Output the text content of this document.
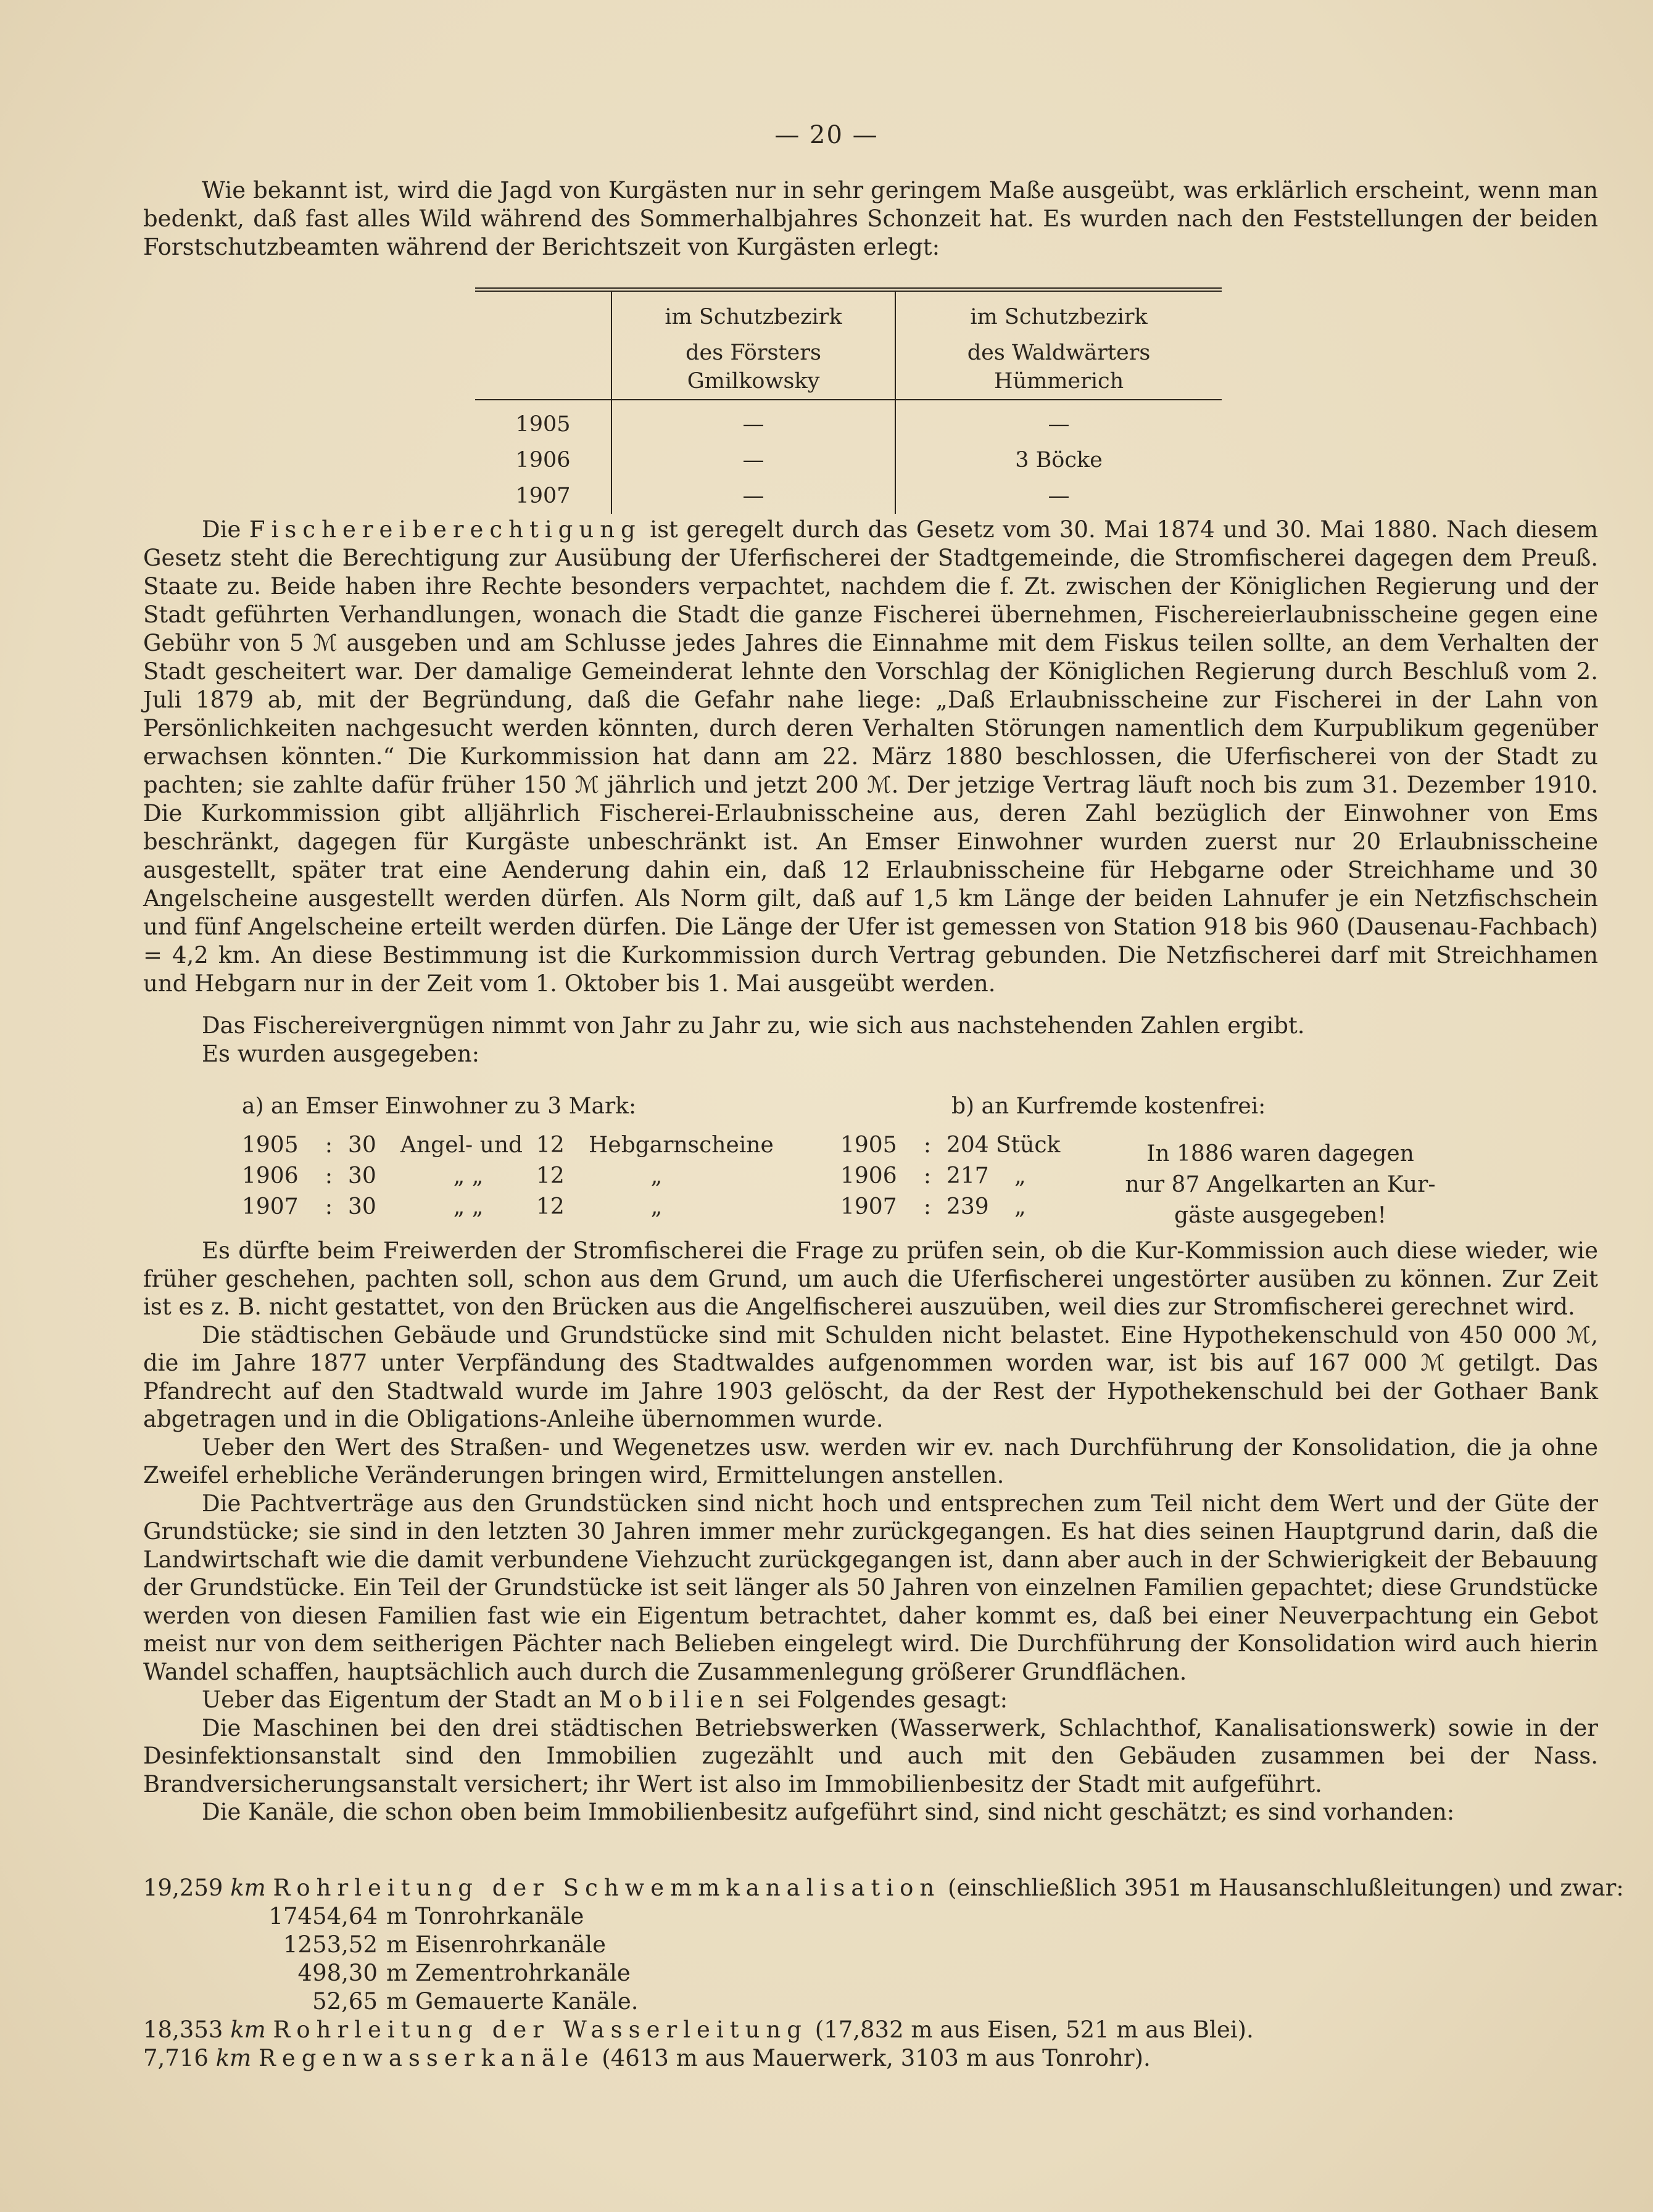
— 20 —

Wie bekannt ist, wird die Jagd von Kurgästen nur in sehr geringem Maße ausgeübt, was erklärlich erscheint, wenn man bedenkt, daß fast alles Wild während des Sommerhalbjahres Schonzeit hat. Es wurden nach den Feststellungen der beiden Forstschutzbeamten während der Berichtszeit von Kurgästen erlegt:

	im Schutzbezirk	im Schutzbezirk
	des Försters Gmilkowsky	des Waldwärters Hümmerich
1905	—	—
1906	—	3 Böcke
1907	—	—

Die Fischereiberechtigung ist geregelt durch das Gesetz vom 30. Mai 1874 und 30. Mai 1880. Nach diesem Gesetz steht die Berechtigung zur Ausübung der Uferfischerei der Stadtgemeinde, die Stromfischerei dagegen dem Preuß. Staate zu. Beide haben ihre Rechte besonders verpachtet, nachdem die f. Zt. zwischen der Königlichen Regierung und der Stadt geführten Verhandlungen, wonach die Stadt die ganze Fischerei übernehmen, Fischereierlaubnisscheine gegen eine Gebühr von 5 ℳ ausgeben und am Schlusse jedes Jahres die Einnahme mit dem Fiskus teilen sollte, an dem Verhalten der Stadt gescheitert war. Der damalige Gemeinderat lehnte den Vorschlag der Königlichen Regierung durch Beschluß vom 2. Juli 1879 ab, mit der Begründung, daß die Gefahr nahe liege: „Daß Erlaubnisscheine zur Fischerei in der Lahn von Persönlichkeiten nachgesucht werden könnten, durch deren Verhalten Störungen namentlich dem Kurpublikum gegenüber erwachsen könnten.“ Die Kurkommission hat dann am 22. März 1880 beschlossen, die Uferfischerei von der Stadt zu pachten; sie zahlte dafür früher 150 ℳ jährlich und jetzt 200 ℳ. Der jetzige Vertrag läuft noch bis zum 31. Dezember 1910. Die Kurkommission gibt alljährlich Fischerei-Erlaubnisscheine aus, deren Zahl bezüglich der Einwohner von Ems beschränkt, dagegen für Kurgäste unbeschränkt ist. An Emser Einwohner wurden zuerst nur 20 Erlaubnisscheine ausgestellt, später trat eine Aenderung dahin ein, daß 12 Erlaubnisscheine für Hebgarne oder Streichhame und 30 Angelscheine ausgestellt werden dürfen. Als Norm gilt, daß auf 1,5 km Länge der beiden Lahnufer je ein Netzfischschein und fünf Angelscheine erteilt werden dürfen. Die Länge der Ufer ist gemessen von Station 918 bis 960 (Dausenau-Fachbach) = 4,2 km. An diese Bestimmung ist die Kurkommission durch Vertrag gebunden. Die Netzfischerei darf mit Streichhamen und Hebgarn nur in der Zeit vom 1. Oktober bis 1. Mai ausgeübt werden.

Das Fischereivergnügen nimmt von Jahr zu Jahr zu, wie sich aus nachstehenden Zahlen ergibt.

Es wurden ausgegeben:

a) an Emser Einwohner zu 3 Mark:
1905	: 30	Angel- und 12	Hebgarnscheine
1906	: 30	„ „	12	„
1907	: 30	„ „	12	„
b) an Kurfremde kostenfrei:
1905	: 204 Stück
1906	: 217	„
1907	: 239	„
In 1886 waren dagegen
nur 87 Angelkarten an Kur-
gäste ausgegeben!

Es dürfte beim Freiwerden der Stromfischerei die Frage zu prüfen sein, ob die Kur-Kommission auch diese wieder, wie früher geschehen, pachten soll, schon aus dem Grund, um auch die Uferfischerei ungestörter ausüben zu können. Zur Zeit ist es z. B. nicht gestattet, von den Brücken aus die Angelfischerei auszuüben, weil dies zur Stromfischerei gerechnet wird.

Die städtischen Gebäude und Grundstücke sind mit Schulden nicht belastet. Eine Hypothekenschuld von 450 000 ℳ, die im Jahre 1877 unter Verpfändung des Stadtwaldes aufgenommen worden war, ist bis auf 167 000 ℳ getilgt. Das Pfandrecht auf den Stadtwald wurde im Jahre 1903 gelöscht, da der Rest der Hypothekenschuld bei der Gothaer Bank abgetragen und in die Obligations-Anleihe übernommen wurde.

Ueber den Wert des Straßen- und Wegenetzes usw. werden wir ev. nach Durchführung der Konsolidation, die ja ohne Zweifel erhebliche Veränderungen bringen wird, Ermittelungen anstellen.

Die Pachtverträge aus den Grundstücken sind nicht hoch und entsprechen zum Teil nicht dem Wert und der Güte der Grundstücke; sie sind in den letzten 30 Jahren immer mehr zurückgegangen. Es hat dies seinen Hauptgrund darin, daß die Landwirtschaft wie die damit verbundene Viehzucht zurückgegangen ist, dann aber auch in der Schwierigkeit der Bebauung der Grundstücke. Ein Teil der Grundstücke ist seit länger als 50 Jahren von einzelnen Familien gepachtet; diese Grundstücke werden von diesen Familien fast wie ein Eigentum betrachtet, daher kommt es, daß bei einer Neuverpachtung ein Gebot meist nur von dem seitherigen Pächter nach Belieben eingelegt wird. Die Durchführung der Konsolidation wird auch hierin Wandel schaffen, hauptsächlich auch durch die Zusammenlegung größerer Grundflächen.

Ueber das Eigentum der Stadt an Mobilien sei Folgendes gesagt:

Die Maschinen bei den drei städtischen Betriebswerken (Wasserwerk, Schlachthof, Kanalisationswerk) sowie in der Desinfektionsanstalt sind den Immobilien zugezählt und auch mit den Gebäuden zusammen bei der Nass. Brandversicherungsanstalt versichert; ihr Wert ist also im Immobilienbesitz der Stadt mit aufgeführt.

Die Kanäle, die schon oben beim Immobilienbesitz aufgeführt sind, sind nicht geschätzt; es sind vorhanden:

19,259 km Rohrleitung der Schwemmkanalisation (einschließlich 3951 m Hausanschlußleitungen) und zwar:
17454,64 m Tonrohrkanäle
1253,52 m Eisenrohrkanäle
498,30 m Zementrohrkanäle
52,65 m Gemauerte Kanäle.
18,353 km Rohrleitung der Wasserleitung (17,832 m aus Eisen, 521 m aus Blei).
7,716 km Regenwasserkanäle (4613 m aus Mauerwerk, 3103 m aus Tonrohr).
